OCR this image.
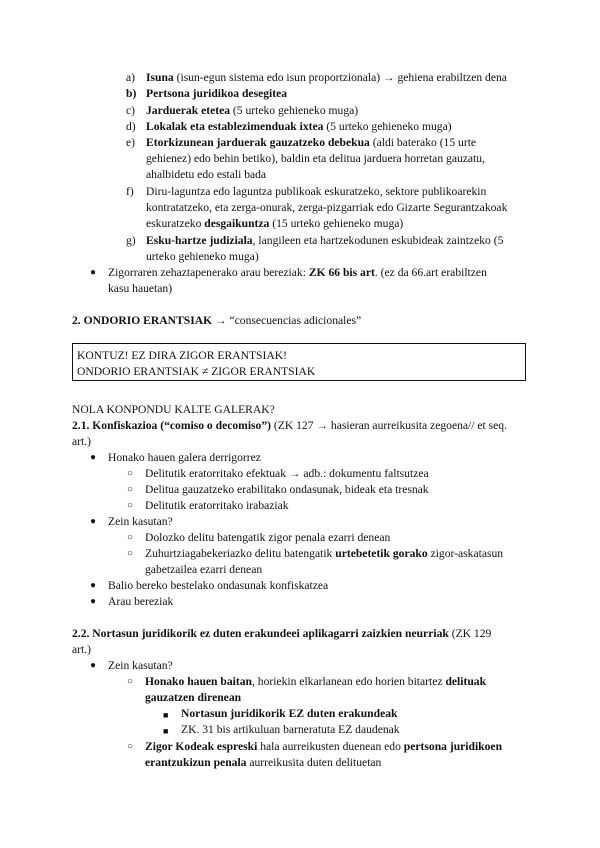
a) Isuna (isun-egun sistema edo isun proportzionala) → gehiena erabiltzen dena
b) Pertsona juridikoa desegitea
c) Jarduerak etetea (5 urteko gehieneko muga)
d) Lokalak eta establezimenduak ixtea (5 urteko gehieneko muga)
e) Etorkizunean jarduerak gauzatzeko debekua (aldi baterako (15 urte
gehienez) edo behin betiko), baldin eta delitua jarduera horretan gauzatu,
ahalbidetu edo estali bada
f)	Diru-laguntza edo laguntza publikoak eskuratzeko, sektore publikoarekin
kontratatzeko, eta zerga-onurak, zerga-pizgarriak edo Gizarte Segurantzakoak
eskuratzeko desgaikuntza (15 urteko gehieneko muga)
g) Esku-hartze judiziala, langileen eta hartzekodunen eskubideak zaintzeko (5
urteko gehieneko muga)
● Zigorraren zehaztapenerako arau bereziak: ZK 66 bis art. (ez da 66.art erabiltzen
kasu hauetan)
2. ONDORIO ERANTSIAK → “consecuencias adicionales”
KONTUZ! EZ DIRA ZIGOR ERANTSIAK!
ONDORIO ERANTSIAK ≠ ZIGOR ERANTSIAK
NOLA KONPONDU KALTE GALERAK?
2.1. Konfiskazioa (“comiso o decomiso”) (ZK 127 → hasieran aurreikusita zegoena// et seq.
art.)
● Honako hauen galera derrigorrez
○ Delitutik eratorritako efektuak → adb.: dokumentu faltsutzea
○ Delitua gauzatzeko erabilitako ondasunak, bideak eta tresnak
○ Delitutik eratorritako irabaziak
● Zein kasutan?
○ Dolozko delitu batengatik zigor penala ezarri denean
○ Zuhurtziagabekeriazko delitu batengatik urtebetetik gorako zigor-askatasun
gabetzailea ezarri denean
● Balio bereko bestelako ondasunak konfiskatzea
● Arau bereziak
2.2. Nortasun juridikorik ez duten erakundeei aplikagarri zaizkien neurriak (ZK 129
art.)
● Zein kasutan?
○ Honako hauen baitan, horiekin elkarlanean edo horien bitartez delituak
gauzatzen direnean
■ Nortasun juridikorik EZ duten erakundeak
■ ZK. 31 bis artikuluan barneratuta EZ daudenak
○ Zigor Kodeak espreski hala aurreikusten duenean edo pertsona juridikoen
erantzukizun penala aurreikusita duten delituetan
